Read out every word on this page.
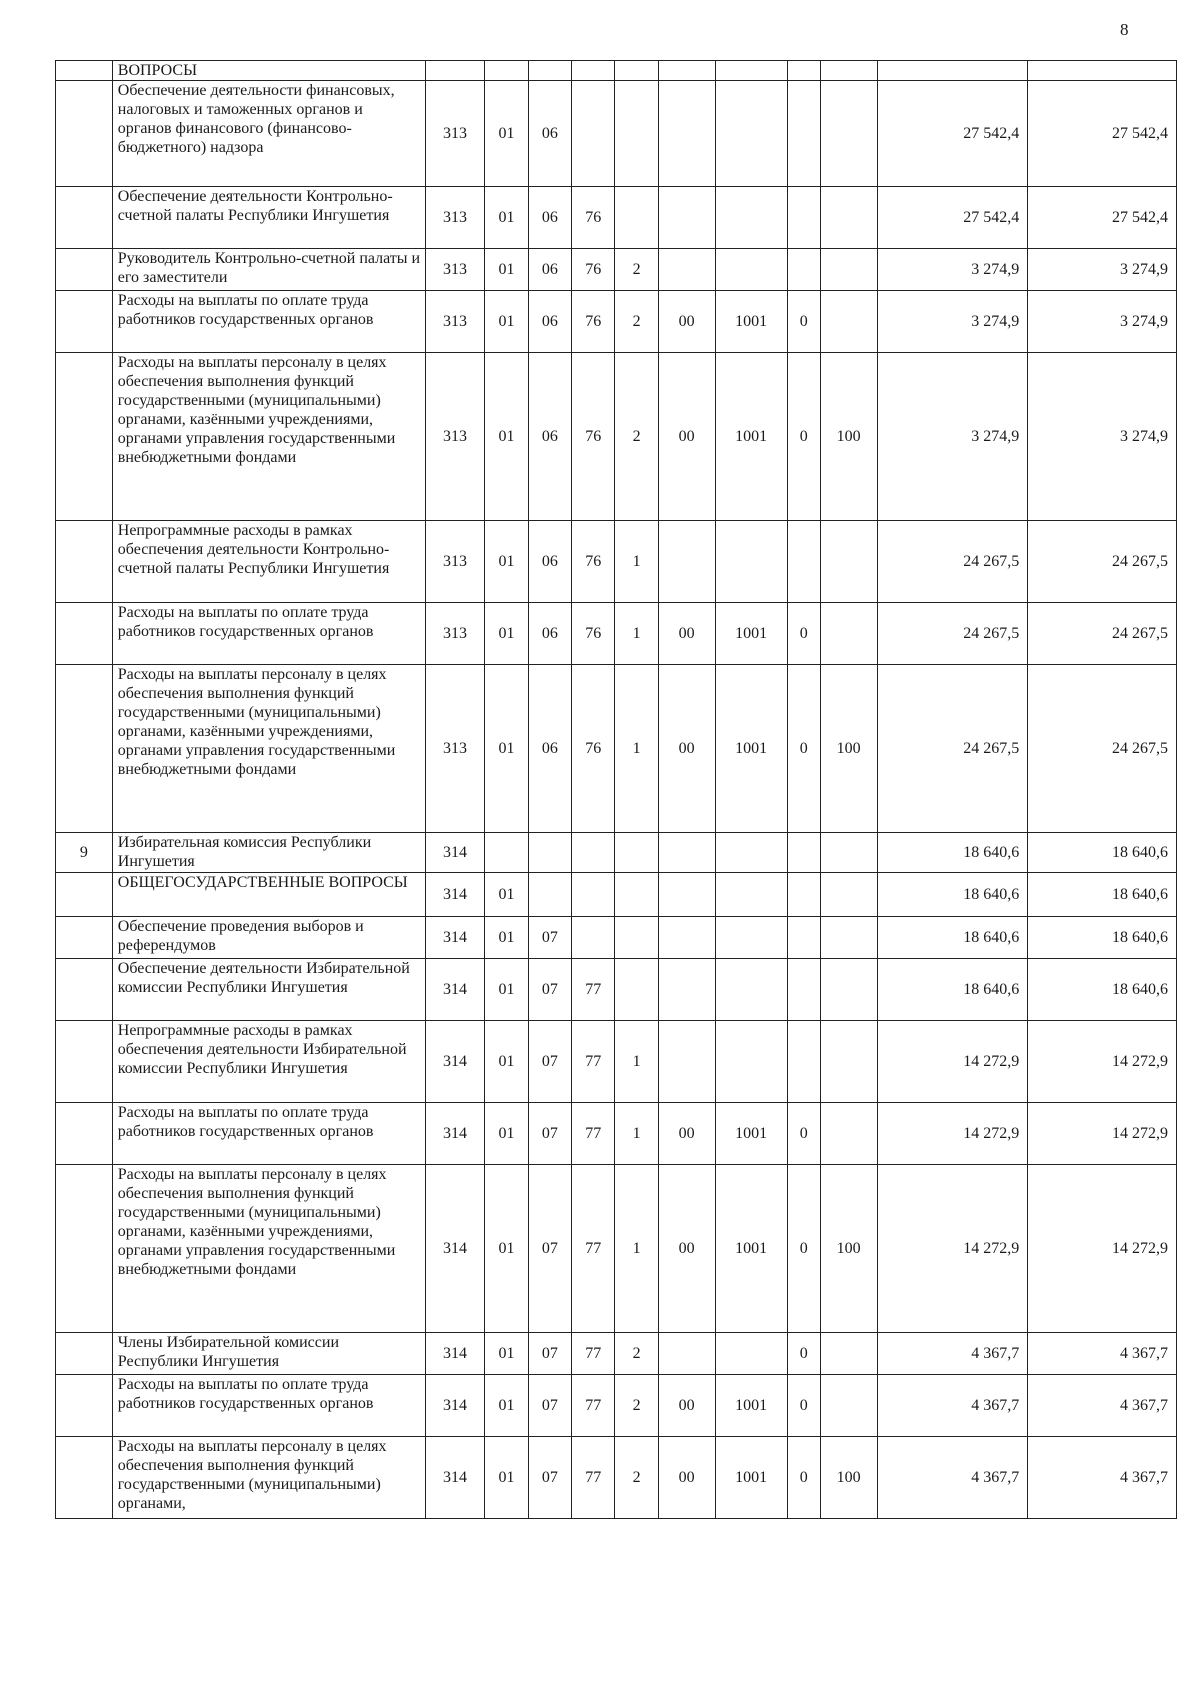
8
	ВОПРОСЫ											
	Обеспечение деятельности финансовых, налоговых и таможенных органов и органов финансового (финансово-бюджетного) надзора	313	01	06							27 542,4	27 542,4
	Обеспечение деятельности Контрольно-счетной палаты Республики Ингушетия	313	01	06	76						27 542,4	27 542,4
	Руководитель Контрольно-счетной палаты и его заместители	313	01	06	76	2					3 274,9	3 274,9
	Расходы на выплаты по оплате труда работников государственных органов	313	01	06	76	2	00	1001	0		3 274,9	3 274,9
	Расходы на выплаты персоналу в целях обеспечения выполнения функций государственными (муниципальными) органами, казёнными учреждениями, органами управления государственными внебюджетными фондами	313	01	06	76	2	00	1001	0	100	3 274,9	3 274,9
	Непрограммные расходы в рамках обеспечения деятельности Контрольно-счетной палаты Республики Ингушетия	313	01	06	76	1					24 267,5	24 267,5
	Расходы на выплаты по оплате труда работников государственных органов	313	01	06	76	1	00	1001	0		24 267,5	24 267,5
	Расходы на выплаты персоналу в целях обеспечения выполнения функций государственными (муниципальными) органами, казёнными учреждениями, органами управления государственными внебюджетными фондами	313	01	06	76	1	00	1001	0	100	24 267,5	24 267,5
9	Избирательная комиссия Республики Ингушетия	314									18 640,6	18 640,6
	ОБЩЕГОСУДАРСТВЕННЫЕ ВОПРОСЫ	314	01								18 640,6	18 640,6
	Обеспечение проведения выборов и референдумов	314	01	07							18 640,6	18 640,6
	Обеспечение деятельности Избирательной комиссии Республики Ингушетия	314	01	07	77						18 640,6	18 640,6
	Непрограммные расходы в рамках обеспечения деятельности Избирательной комиссии Республики Ингушетия	314	01	07	77	1					14 272,9	14 272,9
	Расходы на выплаты по оплате труда работников государственных органов	314	01	07	77	1	00	1001	0		14 272,9	14 272,9
	Расходы на выплаты персоналу в целях обеспечения выполнения функций государственными (муниципальными) органами, казёнными учреждениями, органами управления государственными внебюджетными фондами	314	01	07	77	1	00	1001	0	100	14 272,9	14 272,9
	Члены Избирательной комиссии Республики Ингушетия	314	01	07	77	2			0		4 367,7	4 367,7
	Расходы на выплаты по оплате труда работников государственных органов	314	01	07	77	2	00	1001	0		4 367,7	4 367,7
	Расходы на выплаты персоналу в целях обеспечения выполнения функций государственными (муниципальными) органами,	314	01	07	77	2	00	1001	0	100	4 367,7	4 367,7
